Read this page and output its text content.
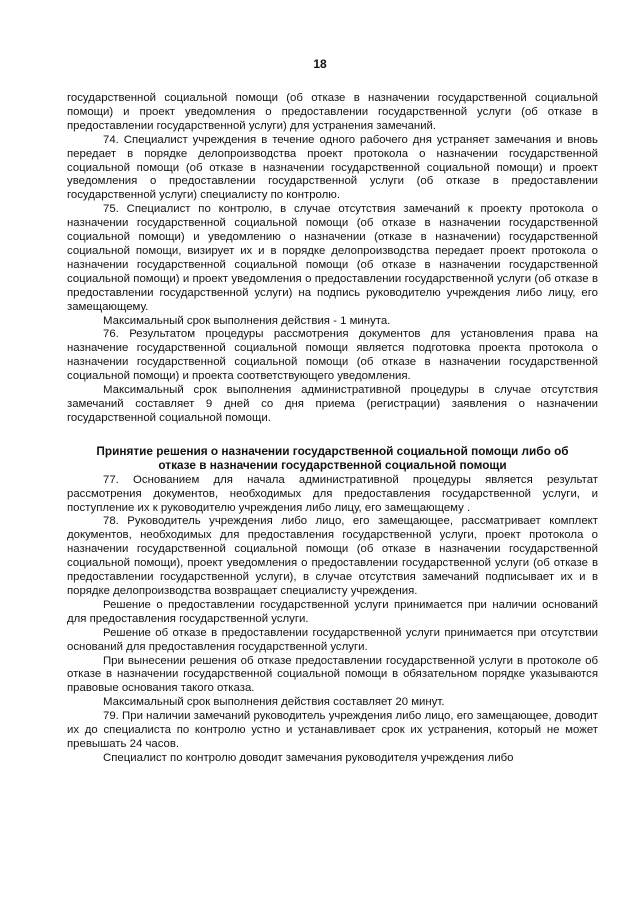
18

государственной социальной помощи (об отказе в назначении государственной социальной помощи) и проект уведомления о предоставлении государственной услуги (об отказе в предоставлении государственной услуги) для устранения замечаний.

74. Специалист учреждения в течение одного рабочего дня устраняет замечания и вновь передает в порядке делопроизводства проект протокола о назначении государственной социальной помощи (об отказе в назначении государственной социальной помощи) и проект уведомления о предоставлении государственной услуги (об отказе в предоставлении государственной услуги) специалисту по контролю.

75. Специалист по контролю, в случае отсутствия замечаний к проекту протокола о назначении государственной социальной помощи (об отказе в назначении государственной социальной помощи) и уведомлению о назначении (отказе в назначении) государственной социальной помощи, визирует их и в порядке делопроизводства передает проект протокола о назначении государственной социальной помощи (об отказе в назначении государственной социальной помощи) и проект уведомления о предоставлении государственной услуги (об отказе в предоставлении государственной услуги) на подпись руководителю учреждения либо лицу, его замещающему.

Максимальный срок выполнения действия - 1 минута.

76. Результатом процедуры рассмотрения документов для установления права на назначение государственной социальной помощи является подготовка проекта протокола о назначении государственной социальной помощи (об отказе в назначении государственной социальной помощи) и проекта соответствующего уведомления.

Максимальный срок выполнения административной процедуры в случае отсутствия замечаний составляет 9 дней со дня приема (регистрации) заявления о назначении государственной социальной помощи.

Принятие решения о назначении государственной социальной помощи либо об
отказе в назначении государственной социальной помощи

77. Основанием для начала административной процедуры является результат рассмотрения документов, необходимых для предоставления государственной услуги, и поступление их к руководителю учреждения либо лицу, его замещающему .

78. Руководитель учреждения либо лицо, его замещающее, рассматривает комплект документов, необходимых для предоставления государственной услуги, проект протокола о назначении государственной социальной помощи (об отказе в назначении государственной социальной помощи), проект уведомления о предоставлении государственной услуги (об отказе в предоставлении государственной услуги), в случае отсутствия замечаний подписывает их и в порядке делопроизводства возвращает специалисту учреждения.

Решение о предоставлении государственной услуги принимается при наличии оснований для предоставления государственной услуги.

Решение об отказе в предоставлении государственной услуги принимается при отсутствии оснований для предоставления государственной услуги.

При вынесении решения об отказе предоставлении государственной услуги в протоколе об отказе в назначении государственной социальной помощи в обязательном порядке указываются правовые основания такого отказа.

Максимальный срок выполнения действия составляет 20 минут.

79. При наличии замечаний руководитель учреждения либо лицо, его замещающее, доводит их до специалиста по контролю устно и устанавливает срок их устранения, который не может превышать 24 часов.

Специалист по контролю доводит замечания руководителя учреждения либо
